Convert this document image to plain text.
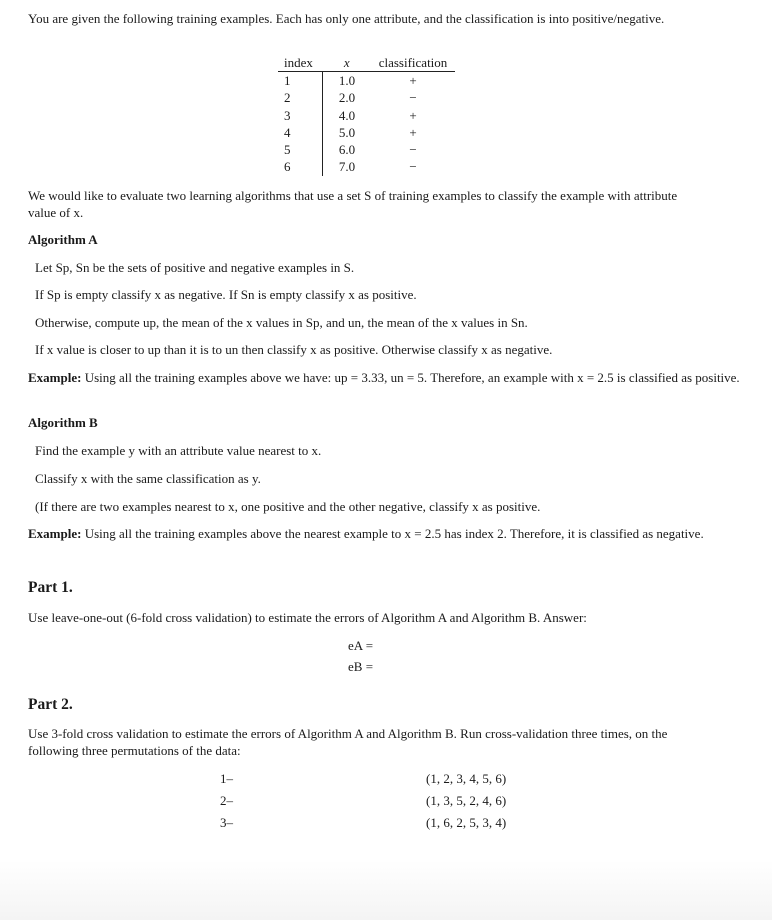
You are given the following training examples. Each has only one attribute, and the classification is into positive/negative.
index	x	classification
1	1.0	+
2	2.0	−
3	4.0	+
4	5.0	+
5	6.0	−
6	7.0	−
We would like to evaluate two learning algorithms that use a set S of training examples to classify the example with attribute value of x.
Algorithm A
Let Sp, Sn be the sets of positive and negative examples in S.
If Sp is empty classify x as negative. If Sn is empty classify x as positive.
Otherwise, compute up, the mean of the x values in Sp, and un, the mean of the x values in Sn.
If x value is closer to up than it is to un then classify x as positive. Otherwise classify x as negative.
Example: Using all the training examples above we have: up = 3.33, un = 5. Therefore, an example with x = 2.5 is classified as positive.
Algorithm B
Find the example y with an attribute value nearest to x.
Classify x with the same classification as y.
(If there are two examples nearest to x, one positive and the other negative, classify x as positive.
Example: Using all the training examples above the nearest example to x = 2.5 has index 2. Therefore, it is classified as negative.
Part 1.
Use leave-one-out (6-fold cross validation) to estimate the errors of Algorithm A and Algorithm B. Answer:
eA =
eB =
Part 2.
Use 3-fold cross validation to estimate the errors of Algorithm A and Algorithm B. Run cross-validation three times, on the following three permutations of the data:
1–	(1, 2, 3, 4, 5, 6)
2–	(1, 3, 5, 2, 4, 6)
3–	(1, 6, 2, 5, 3, 4)
